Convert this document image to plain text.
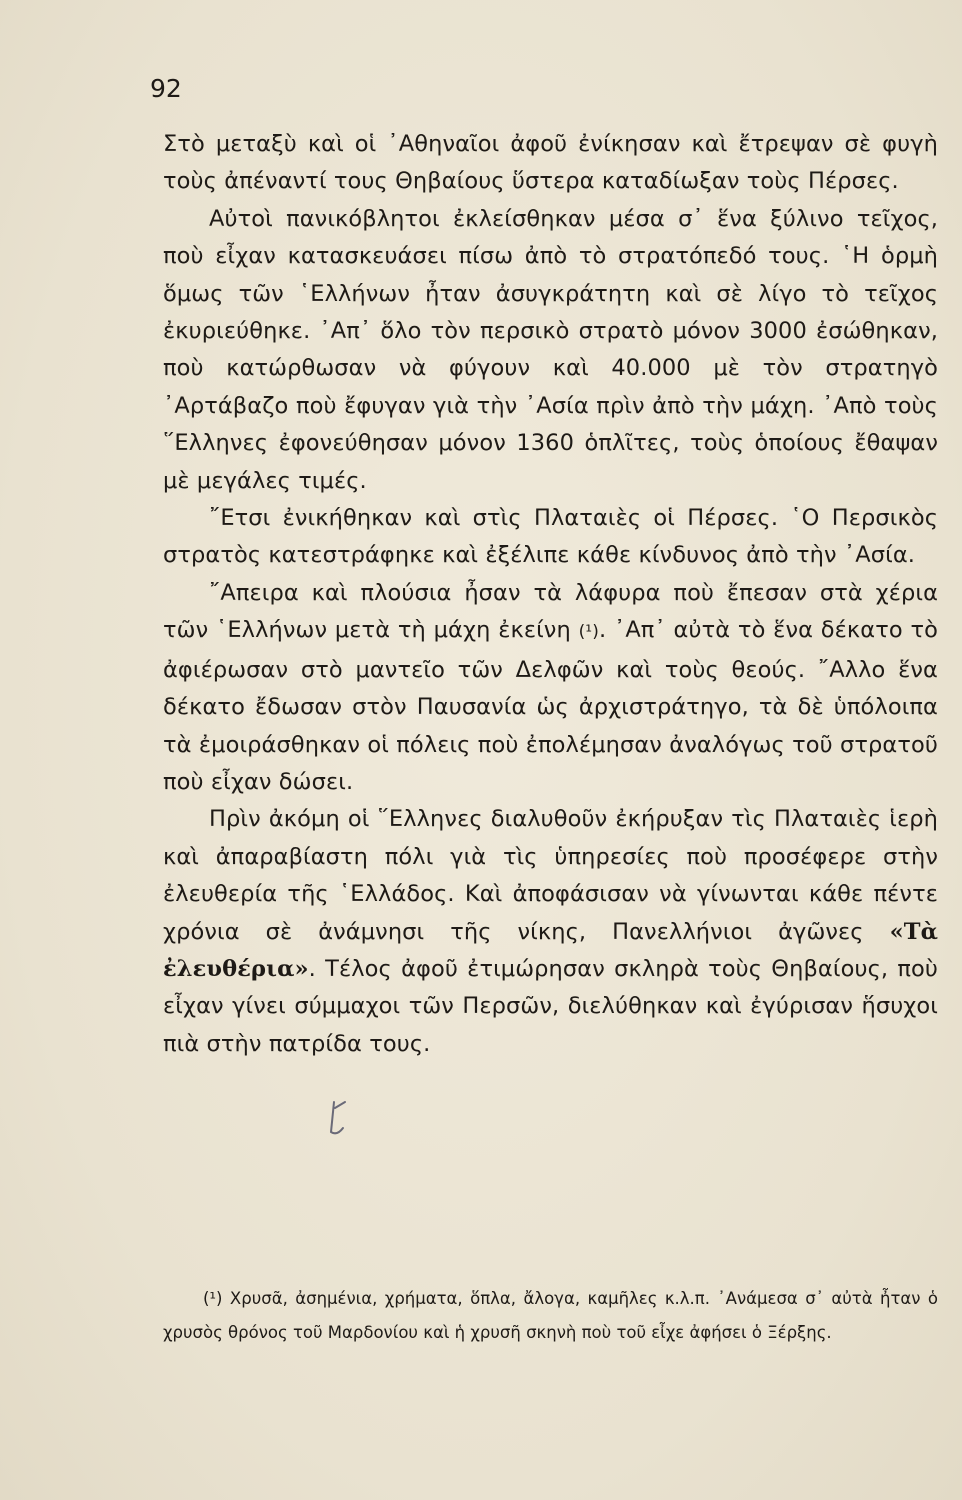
92

Στὸ μεταξὺ καὶ οἱ ᾿Αθηναῖοι ἀφοῦ ἐνίκησαν καὶ ἔτρεψαν σὲ φυγὴ τοὺς ἀπέναντί τους Θηβαίους ὕστερα καταδίωξαν τοὺς Πέρσες.

Αὐτοὶ πανικόβλητοι ἐκλείσθηκαν μέσα σ᾿ ἕνα ξύλινο τεῖχος, ποὺ εἶχαν κατασκευάσει πίσω ἀπὸ τὸ στρατόπεδό τους. ῾Η ὁρμὴ ὅμως τῶν ῾Ελλήνων ἦταν ἀσυγκράτητη καὶ σὲ λίγο τὸ τεῖχος ἐκυριεύθηκε. ᾿Απ᾿ ὅλο τὸν περσικὸ στρατὸ μόνον 3000 ἐσώθηκαν, ποὺ κατώρθωσαν νὰ φύγουν καὶ 40.000 μὲ τὸν στρατηγὸ ᾿Αρτάβαζο ποὺ ἔφυγαν γιὰ τὴν ᾿Ασία πρὶν ἀπὸ τὴν μάχη. ᾿Απὸ τοὺς ῞Ελληνες ἐφονεύθησαν μόνον 1360 ὁπλῖτες, τοὺς ὁποίους ἔθαψαν μὲ μεγάλες τιμές.

῎Ετσι ἐνικήθηκαν καὶ στὶς Πλαταιὲς οἱ Πέρσες. ῾Ο Περσικὸς στρατὸς κατεστράφηκε καὶ ἐξέλιπε κάθε κίνδυνος ἀπὸ τὴν ᾿Ασία.

῎Απειρα καὶ πλούσια ἦσαν τὰ λάφυρα ποὺ ἔπεσαν στὰ χέρια τῶν ῾Ελλήνων μετὰ τὴ μάχη ἐκείνη (¹). ᾿Απ᾿ αὐτὰ τὸ ἕνα δέκατο τὸ ἀφιέρωσαν στὸ μαντεῖο τῶν Δελφῶν καὶ τοὺς θεούς. ῎Αλλο ἕνα δέκατο ἔδωσαν στὸν Παυσανία ὡς ἀρχιστράτηγο, τὰ δὲ ὑπόλοιπα τὰ ἐμοιράσθηκαν οἱ πόλεις ποὺ ἐπολέμησαν ἀναλόγως τοῦ στρατοῦ ποὺ εἶχαν δώσει.

Πρὶν ἀκόμη οἱ ῞Ελληνες διαλυθοῦν ἐκήρυξαν τὶς Πλαταιὲς ἱερὴ καὶ ἀπαραβίαστη πόλι γιὰ τὶς ὑπηρεσίες ποὺ προσέφερε στὴν ἐλευθερία τῆς ῾Ελλάδος. Καὶ ἀποφάσισαν νὰ γίνωνται κάθε πέντε χρόνια σὲ ἀνάμνησι τῆς νίκης, Πανελλήνιοι ἀγῶνες «Τὰ ἐλευθέρια». Τέλος ἀφοῦ ἐτιμώρησαν σκληρὰ τοὺς Θηβαίους, ποὺ εἶχαν γίνει σύμμαχοι τῶν Περσῶν, διελύθηκαν καὶ ἐγύρισαν ἥσυχοι πιὰ στὴν πατρίδα τους.

(¹) Χρυσᾶ, ἀσημένια, χρήματα, ὅπλα, ἄλογα, καμῆλες κ.λ.π. ᾿Ανάμεσα σ᾿ αὐτὰ ἦταν ὁ χρυσὸς θρόνος τοῦ Μαρδονίου καὶ ἡ χρυσῆ σκηνὴ ποὺ τοῦ εἶχε ἀφήσει ὁ Ξέρξης.
